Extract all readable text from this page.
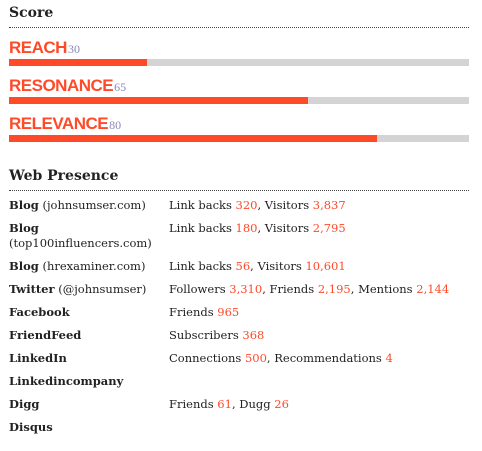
Score
REACH30
RESONANCE65
RELEVANCE80
Web Presence
Blog (johnsumser.com)	Link backs 320, Visitors 3,837
Blog (top100influencers.com)	Link backs 180, Visitors 2,795
Blog (hrexaminer.com)	Link backs 56, Visitors 10,601
Twitter (@johnsumser)	Followers 3,310, Friends 2,195, Mentions 2,144
Facebook	Friends 965
FriendFeed	Subscribers 368
LinkedIn	Connections 500, Recommendations 4
Linkedincompany	
Digg	Friends 61, Dugg 26
Disqus	
